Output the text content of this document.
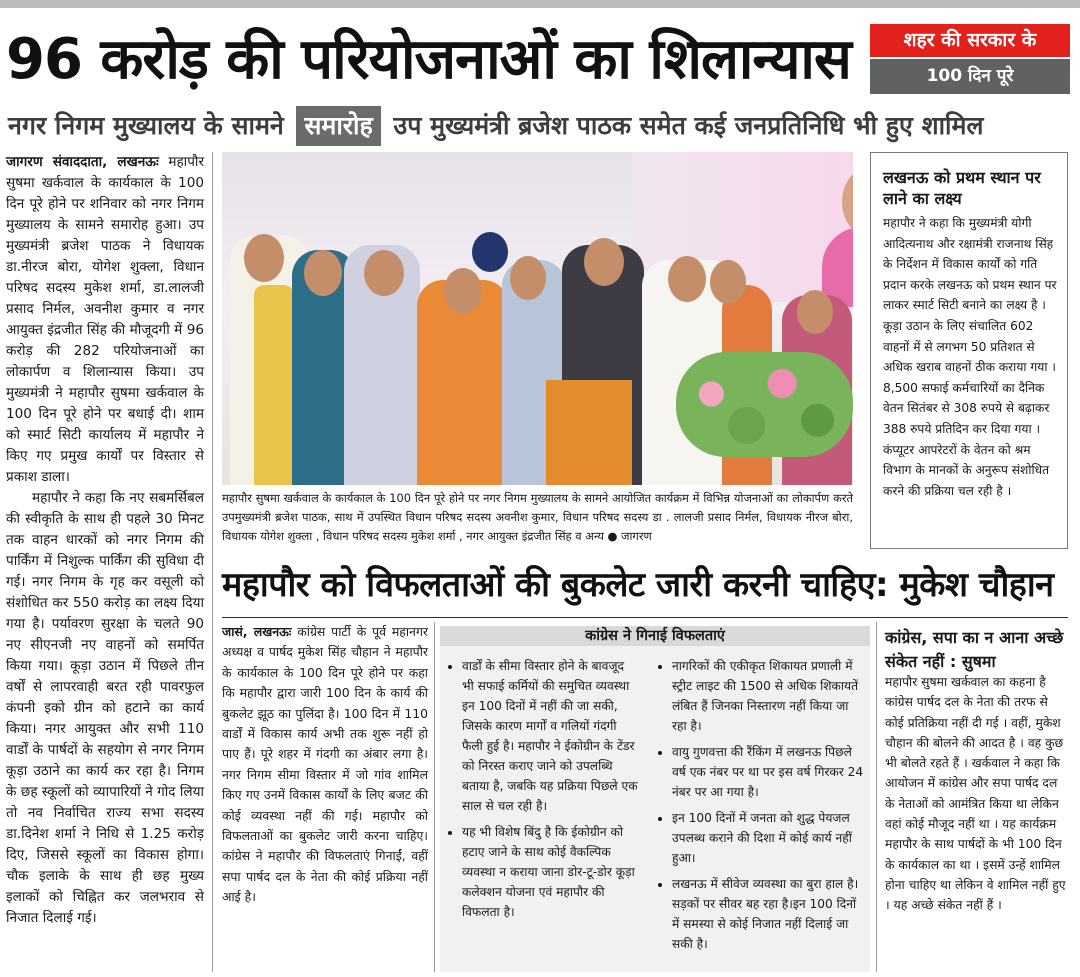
96 करोड़ की परियोजनाओं का शिलान्यास	शहर की सरकार के
100 दिन पूरे
नगर निगम मुख्यालय के सामने समारोह उप मुख्यमंत्री ब्रजेश पाठक समेत कई जनप्रतिनिधि भी हुए शामिल

जागरण संवाददाता, लखनऊः महापौर सुषमा खर्कवाल के कार्यकाल के 100 दिन पूरे होने पर शनिवार को नगर निगम मुख्यालय के सामने समारोह हुआ। उप मुख्यमंत्री ब्रजेश पाठक ने विधायक डा.नीरज बोरा, योगेश शुक्ला, विधान परिषद सदस्य मुकेश शर्मा, डा.लालजी प्रसाद निर्मल, अवनीश कुमार व नगर आयुक्त इंद्रजीत सिंह की मौजूदगी में 96 करोड़ की 282 परियोजनाओं का लोकार्पण व शिलान्यास किया। उप मुख्यमंत्री ने महापौर सुषमा खर्कवाल के 100 दिन पूरे होने पर बधाई दी। शाम को स्मार्ट सिटी कार्यालय में महापौर ने किए गए प्रमुख कार्यों पर विस्तार से प्रकाश डाला।

महापौर ने कहा कि नए सबमर्सिबल की स्वीकृति के साथ ही पहले 30 मिनट तक वाहन धारकों को नगर निगम की पार्किंग में निशुल्क पार्किंग की सुविधा दी गई। नगर निगम के गृह कर वसूली को संशोधित कर 550 करोड़ का लक्ष्य दिया गया है। पर्यावरण सुरक्षा के चलते 90 नए सीएनजी नए वाहनों को समर्पित किया गया। कूड़ा उठान में पिछले तीन वर्षों से लापरवाही बरत रही पावरफुल कंपनी इको ग्रीन को हटाने का कार्य किया। नगर आयुक्त और सभी 110 वार्डों के पार्षदों के सहयोग से नगर निगम कूड़ा उठाने का कार्य कर रहा है। निगम के छह स्कूलों को व्यापारियों ने गोद लिया तो नव निर्वाचित राज्य सभा सदस्य डा.दिनेश शर्मा ने निधि से 1.25 करोड़ दिए, जिससे स्कूलों का विकास होगा। चौक इलाके के साथ ही छह मुख्य इलाकों को चिह्नित कर जलभराव से निजात दिलाई गई।

महापौर सुषमा खर्कवाल के कार्यकाल के 100 दिन पूरे होने पर नगर निगम मुख्यालय के सामने आयोजित कार्यक्रम में विभिन्न योजनाओं का लोकार्पण करते उपमुख्यमंत्री ब्रजेश पाठक, साथ में उपस्थित विधान परिषद सदस्य अवनीश कुमार, विधान परिषद सदस्य डा . लालजी प्रसाद निर्मल, विधायक नीरज बोरा, विधायक योगेश शुक्ला , विधान परिषद सदस्य मुकेश शर्मा , नगर आयुक्त इंद्रजीत सिंह व अन्य ● जागरण
लखनऊ को प्रथम स्थान पर लाने का लक्ष्य

महापौर ने कहा कि मुख्यमंत्री योगी आदित्यनाथ और रक्षामंत्री राजनाथ सिंह के निर्देशन में विकास कार्यों को गति प्रदान करके लखनऊ को प्रथम स्थान पर लाकर स्मार्ट सिटी बनाने का लक्ष्य है । कूड़ा उठान के लिए संचालित 602 वाहनों में से लगभग 50 प्रतिशत से अधिक खराब वाहनों ठीक कराया गया ।8,500 सफाई कर्मचारियों का दैनिक वेतन सितंबर से 308 रुपये से बढ़ाकर 388 रुपये प्रतिदिन कर दिया गया । कंप्यूटर आपरेटरों के वेतन को श्रम विभाग के मानकों के अनुरूप संशोधित करने की प्रक्रिया चल रही है ।

महापौर को विफलताओं की बुकलेट जारी करनी चाहिए: मुकेश चौहान

जासं, लखनऊः कांग्रेस पार्टी के पूर्व महानगर अध्यक्ष व पार्षद मुकेश सिंह चौहान ने महापौर के कार्यकाल के 100 दिन पूरे होने पर कहा कि महापौर द्वारा जारी 100 दिन के कार्य की बुकलेट झूठ का पुलिंदा है। 100 दिन में 110 वार्डों में विकास कार्य अभी तक शुरू नहीं हो पाए हैं। पूरे शहर में गंदगी का अंबार लगा है। नगर निगम सीमा विस्तार में जो गांव शामिल किए गए उनमें विकास कार्यों के लिए बजट की कोई व्यवस्था नहीं की गई। महापौर को विफलताओं का बुकलेट जारी करना चाहिए। कांग्रेस ने महापौर की विफलताएं गिनाईं, वहीं सपा पार्षद दल के नेता की कोई प्रक्रिया नहीं आई है।

कांग्रेस ने गिनाई विफलताएं
• वार्डों के सीमा विस्तार होने के बावजूद भी सफाई कर्मियों की समुचित व्यवस्था इन 100 दिनों में नहीं की जा सकी, जिसके कारण मार्गों व गलियों गंदगी फैली हुई है। महापौर ने ईकोग्रीन के टेंडर को निरस्त कराए जाने को उपलब्धि बताया है, जबकि यह प्रक्रिया पिछले एक साल से चल रही है।
• यह भी विशेष बिंदु है कि ईकोग्रीन को हटाए जाने के साथ कोई वैकल्पिक व्यवस्था न कराया जाना डोर-टू-डोर कूड़ा कलेक्शन योजना एवं महापौर की विफलता है।
• नागरिकों की एकीकृत शिकायत प्रणाली में स्ट्रीट लाइट की 1500 से अधिक शिकायतें लंबित हैं जिनका निस्तारण नहीं किया जा रहा है।
• वायु गुणवत्ता की रैंकिंग में लखनऊ पिछले वर्ष एक नंबर पर था पर इस वर्ष गिरकर 24 नंबर पर आ गया है।
• इन 100 दिनों में जनता को शुद्ध पेयजल उपलब्ध कराने की दिशा में कोई कार्य नहीं हुआ।
• लखनऊ में सीवेज व्यवस्था का बुरा हाल है। सड़कों पर सीवर बह रहा है।इन 100 दिनों में समस्या से कोई निजात नहीं दिलाई जा सकी है।
कांग्रेस, सपा का न आना अच्छे संकेत नहीं : सुषमा
महापौर सुषमा खर्कवाल का कहना है कांग्रेस पार्षद दल के नेता की तरफ से कोई प्रतिक्रिया नहीं दी गई । वहीं, मुकेश चौहान की बोलने की आदत है । वह कुछ भी बोलते रहते हैं । खर्कवाल ने कहा कि आयोजन में कांग्रेस और सपा पार्षद दल के नेताओं को आमंत्रित किया था लेकिन वहां कोई मौजूद नहीं था । यह कार्यक्रम महापौर के साथ पार्षदों के भी 100 दिन के कार्यकाल का था । इसमें उन्हें शामिल होना चाहिए था लेकिन वे शामिल नहीं हुए । यह अच्छे संकेत नहीं हैं ।
